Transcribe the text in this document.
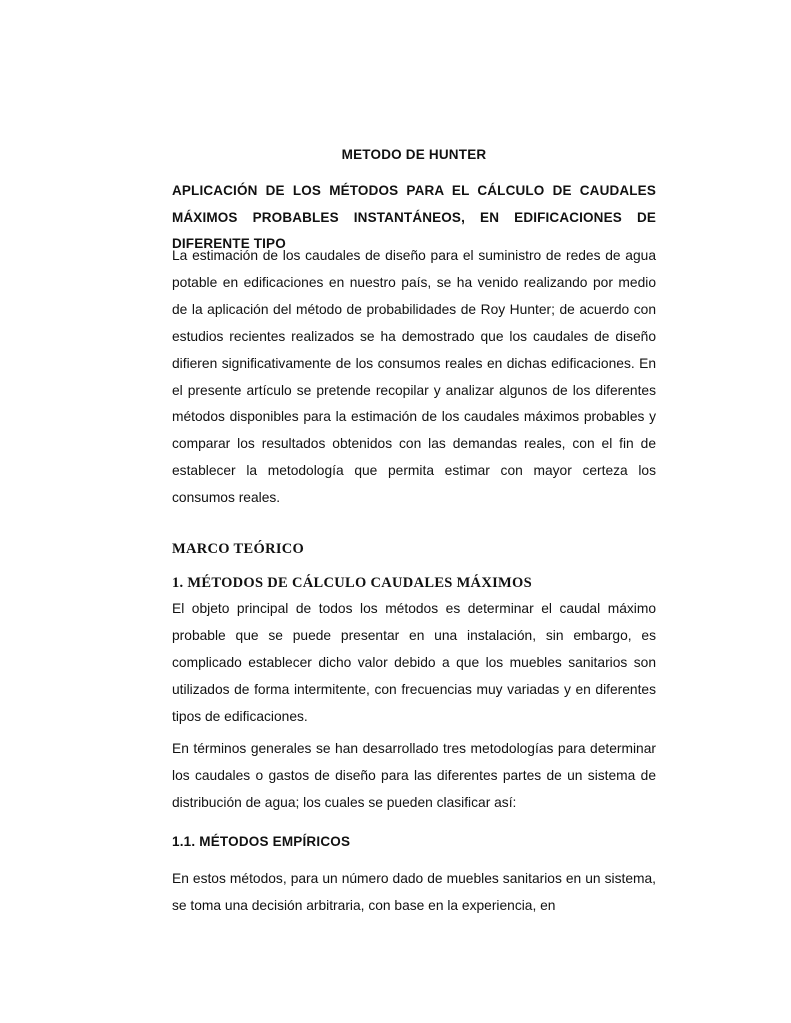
METODO DE HUNTER

APLICACIÓN DE LOS MÉTODOS PARA EL CÁLCULO DE CAUDALES MÁXIMOS PROBABLES INSTANTÁNEOS, EN EDIFICACIONES DE DIFERENTE TIPO

La estimación de los caudales de diseño para el suministro de redes de agua potable en edificaciones en nuestro país, se ha venido realizando por medio de la aplicación del método de probabilidades de Roy Hunter; de acuerdo con estudios recientes realizados se ha demostrado que los caudales de diseño difieren significativamente de los consumos reales en dichas edificaciones. En el presente artículo se pretende recopilar y analizar algunos de los diferentes métodos disponibles para la estimación de los caudales máximos probables y comparar los resultados obtenidos con las demandas reales, con el fin de establecer la metodología que permita estimar con mayor certeza los consumos reales.

MARCO TEÓRICO
1. MÉTODOS DE CÁLCULO CAUDALES MÁXIMOS

El objeto principal de todos los métodos es determinar el caudal máximo probable que se puede presentar en una instalación, sin embargo, es complicado establecer dicho valor debido a que los muebles sanitarios son utilizados de forma intermitente, con frecuencias muy variadas y en diferentes tipos de edificaciones.

En términos generales se han desarrollado tres metodologías para determinar los caudales o gastos de diseño para las diferentes partes de un sistema de distribución de agua; los cuales se pueden clasificar así:

1.1. MÉTODOS EMPÍRICOS

En estos métodos, para un número dado de muebles sanitarios en un sistema, se toma una decisión arbitraria, con base en la experiencia, en
